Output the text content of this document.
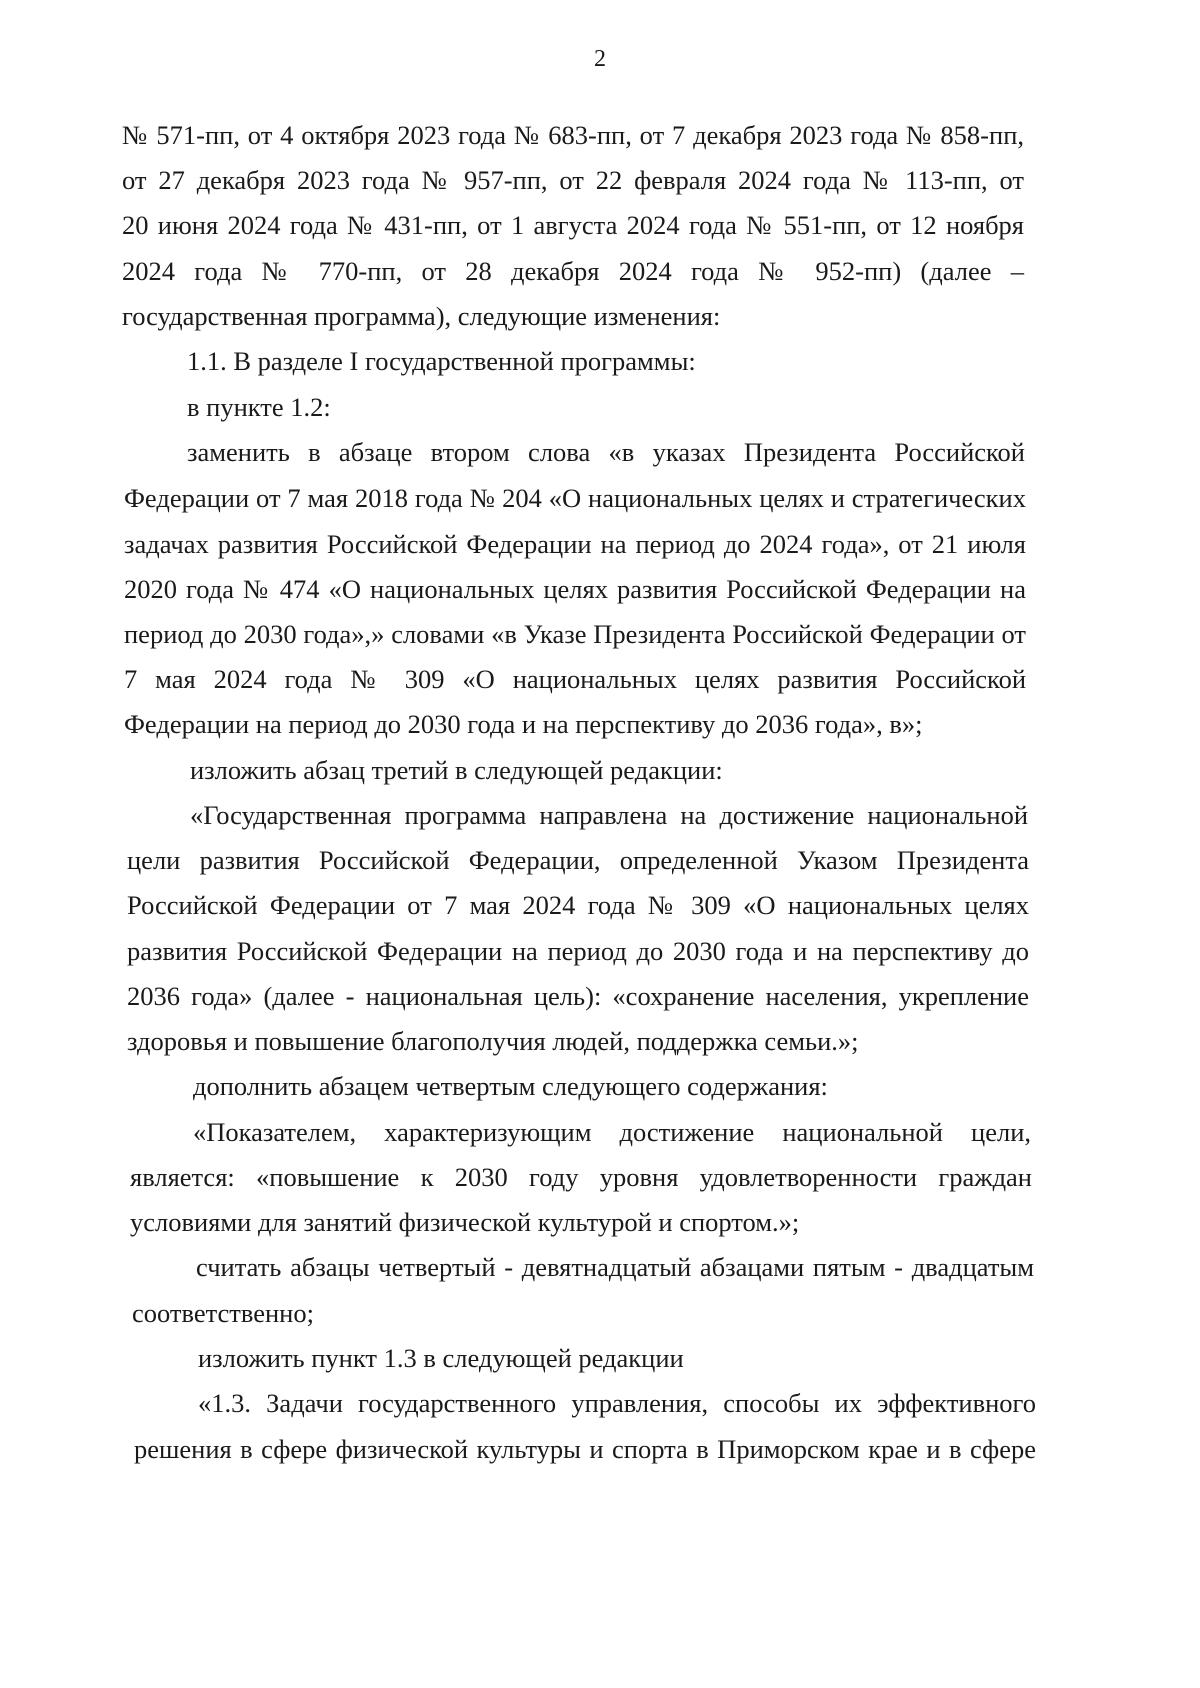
2
№ 571-пп, от 4 октября 2023 года № 683-пп, от 7 декабря 2023 года № 858-пп,
от 27 декабря 2023 года № 957-пп, от 22 февраля 2024 года № 113-пп, от
20 июня 2024 года № 431-пп, от 1 августа 2024 года № 551-пп, от 12 ноября
2024 года № 770-пп, от 28 декабря 2024 года № 952-пп) (далее –
государственная программа), следующие изменения:
1.1. В разделе I государственной программы:
в пункте 1.2:
заменить в абзаце втором слова «в указах Президента Российской
Федерации от 7 мая 2018 года № 204 «О национальных целях и стратегических
задачах развития Российской Федерации на период до 2024 года», от 21 июля
2020 года № 474 «О национальных целях развития Российской Федерации на
период до 2030 года»,» словами «в Указе Президента Российской Федерации от
7 мая 2024 года № 309 «О национальных целях развития Российской
Федерации на период до 2030 года и на перспективу до 2036 года», в»;
изложить абзац третий в следующей редакции:
«Государственная программа направлена на достижение национальной
цели развития Российской Федерации, определенной Указом Президента
Российской Федерации от 7 мая 2024 года № 309 «О национальных целях
развития Российской Федерации на период до 2030 года и на перспективу до
2036 года» (далее - национальная цель): «сохранение населения, укрепление
здоровья и повышение благополучия людей, поддержка семьи.»;
дополнить абзацем четвертым следующего содержания:
«Показателем, характеризующим достижение национальной цели,
является: «повышение к 2030 году уровня удовлетворенности граждан
условиями для занятий физической культурой и спортом.»;
считать абзацы четвертый - девятнадцатый абзацами пятым - двадцатым
соответственно;
изложить пункт 1.3 в следующей редакции
«1.3. Задачи государственного управления, способы их эффективного
решения в сфере физической культуры и спорта в Приморском крае и в сфере
